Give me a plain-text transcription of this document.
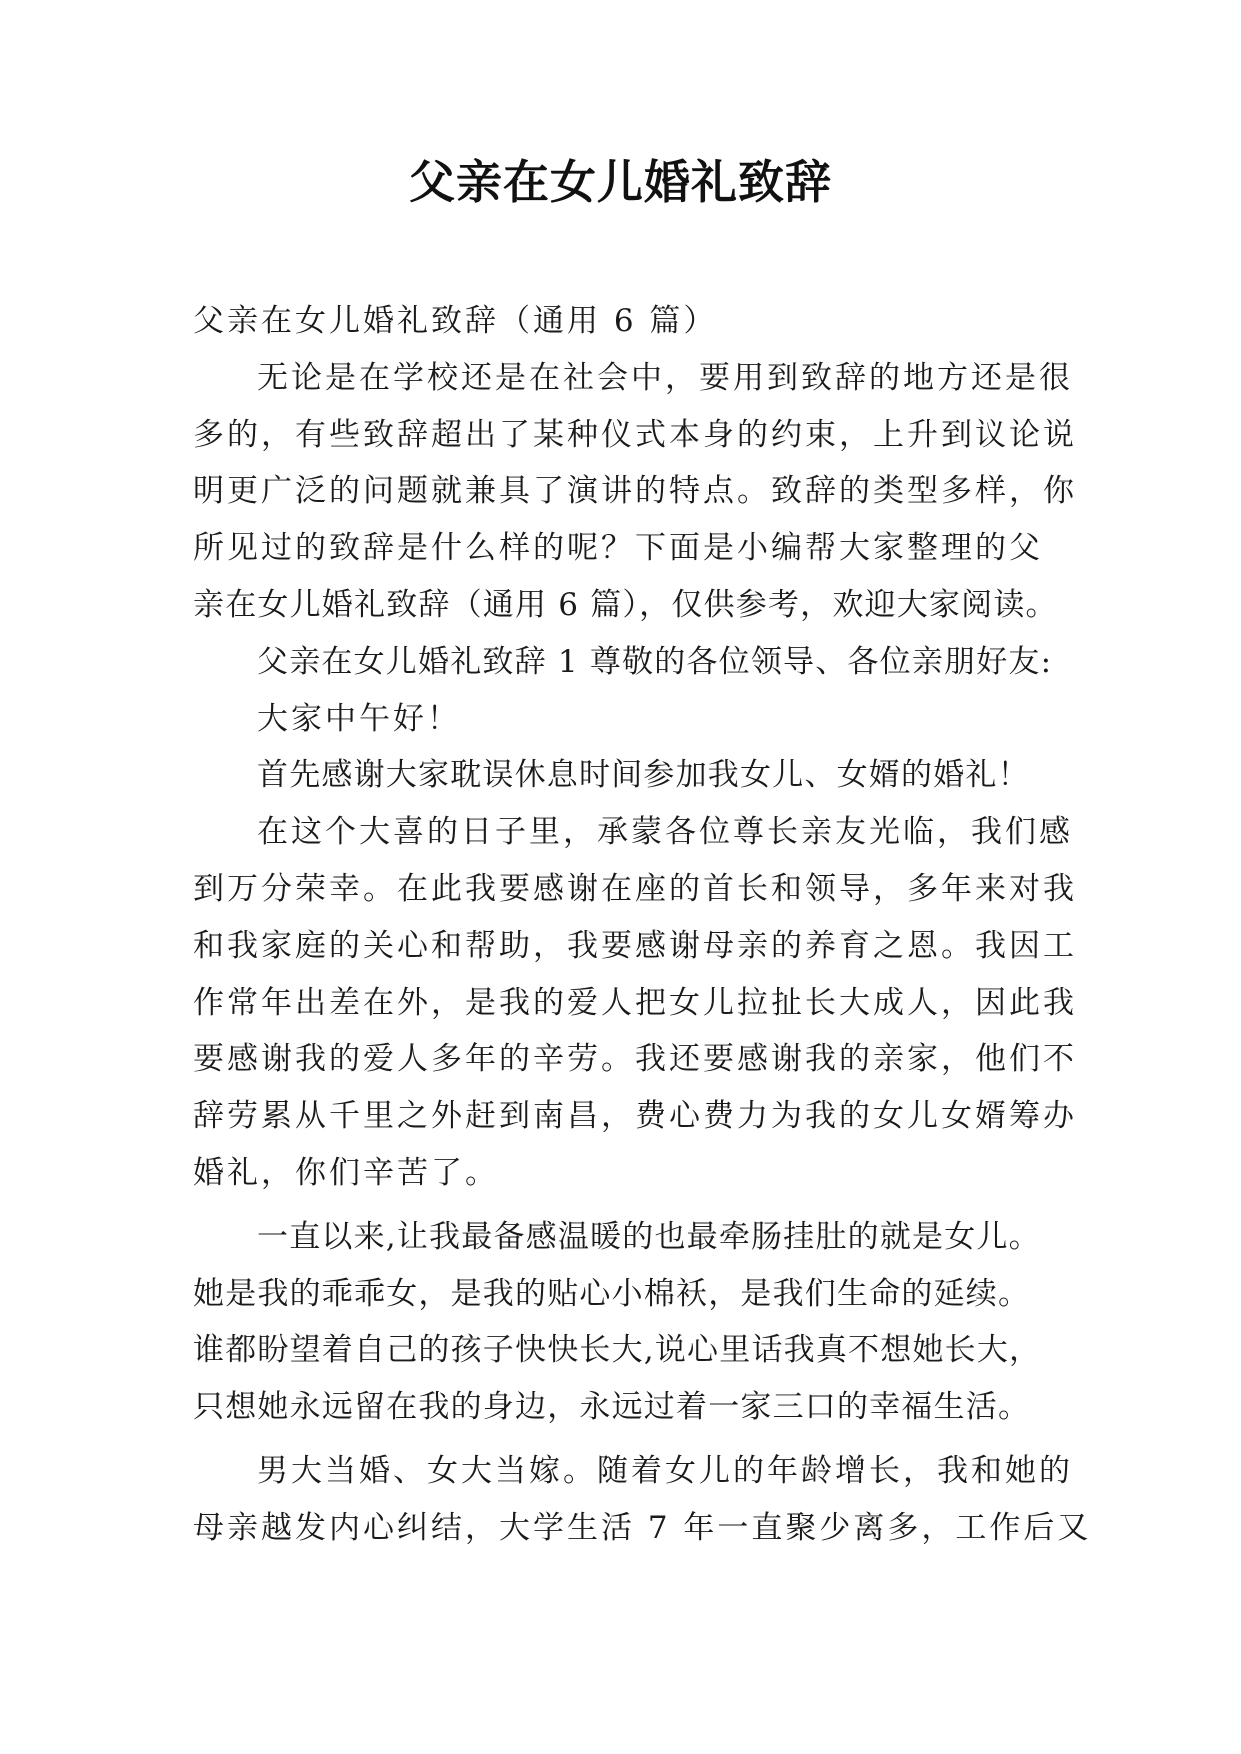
父亲在女儿婚礼致辞
父亲在女儿婚礼致辞（通用 6 篇）
无论是在学校还是在社会中，要用到致辞的地方还是很
多的，有些致辞超出了某种仪式本身的约束，上升到议论说
明更广泛的问题就兼具了演讲的特点。致辞的类型多样，你
所见过的致辞是什么样的呢？下面是小编帮大家整理的父
亲在女儿婚礼致辞（通用 6 篇），仅供参考，欢迎大家阅读。
父亲在女儿婚礼致辞 1 尊敬的各位领导、各位亲朋好友:
大家中午好！
首先感谢大家耽误休息时间参加我女儿、女婿的婚礼！
在这个大喜的日子里，承蒙各位尊长亲友光临，我们感
到万分荣幸。在此我要感谢在座的首长和领导，多年来对我
和我家庭的关心和帮助，我要感谢母亲的养育之恩。我因工
作常年出差在外，是我的爱人把女儿拉扯长大成人，因此我
要感谢我的爱人多年的辛劳。我还要感谢我的亲家，他们不
辞劳累从千里之外赶到南昌，费心费力为我的女儿女婿筹办
婚礼，你们辛苦了。
一直以来,让我最备感温暖的也最牵肠挂肚的就是女儿。
她是我的乖乖女，是我的贴心小棉袄，是我们生命的延续。
谁都盼望着自己的孩子快快长大,说心里话我真不想她长大，
只想她永远留在我的身边，永远过着一家三口的幸福生活。
男大当婚、女大当嫁。随着女儿的年龄增长，我和她的
母亲越发内心纠结，大学生活 7 年一直聚少离多，工作后又
